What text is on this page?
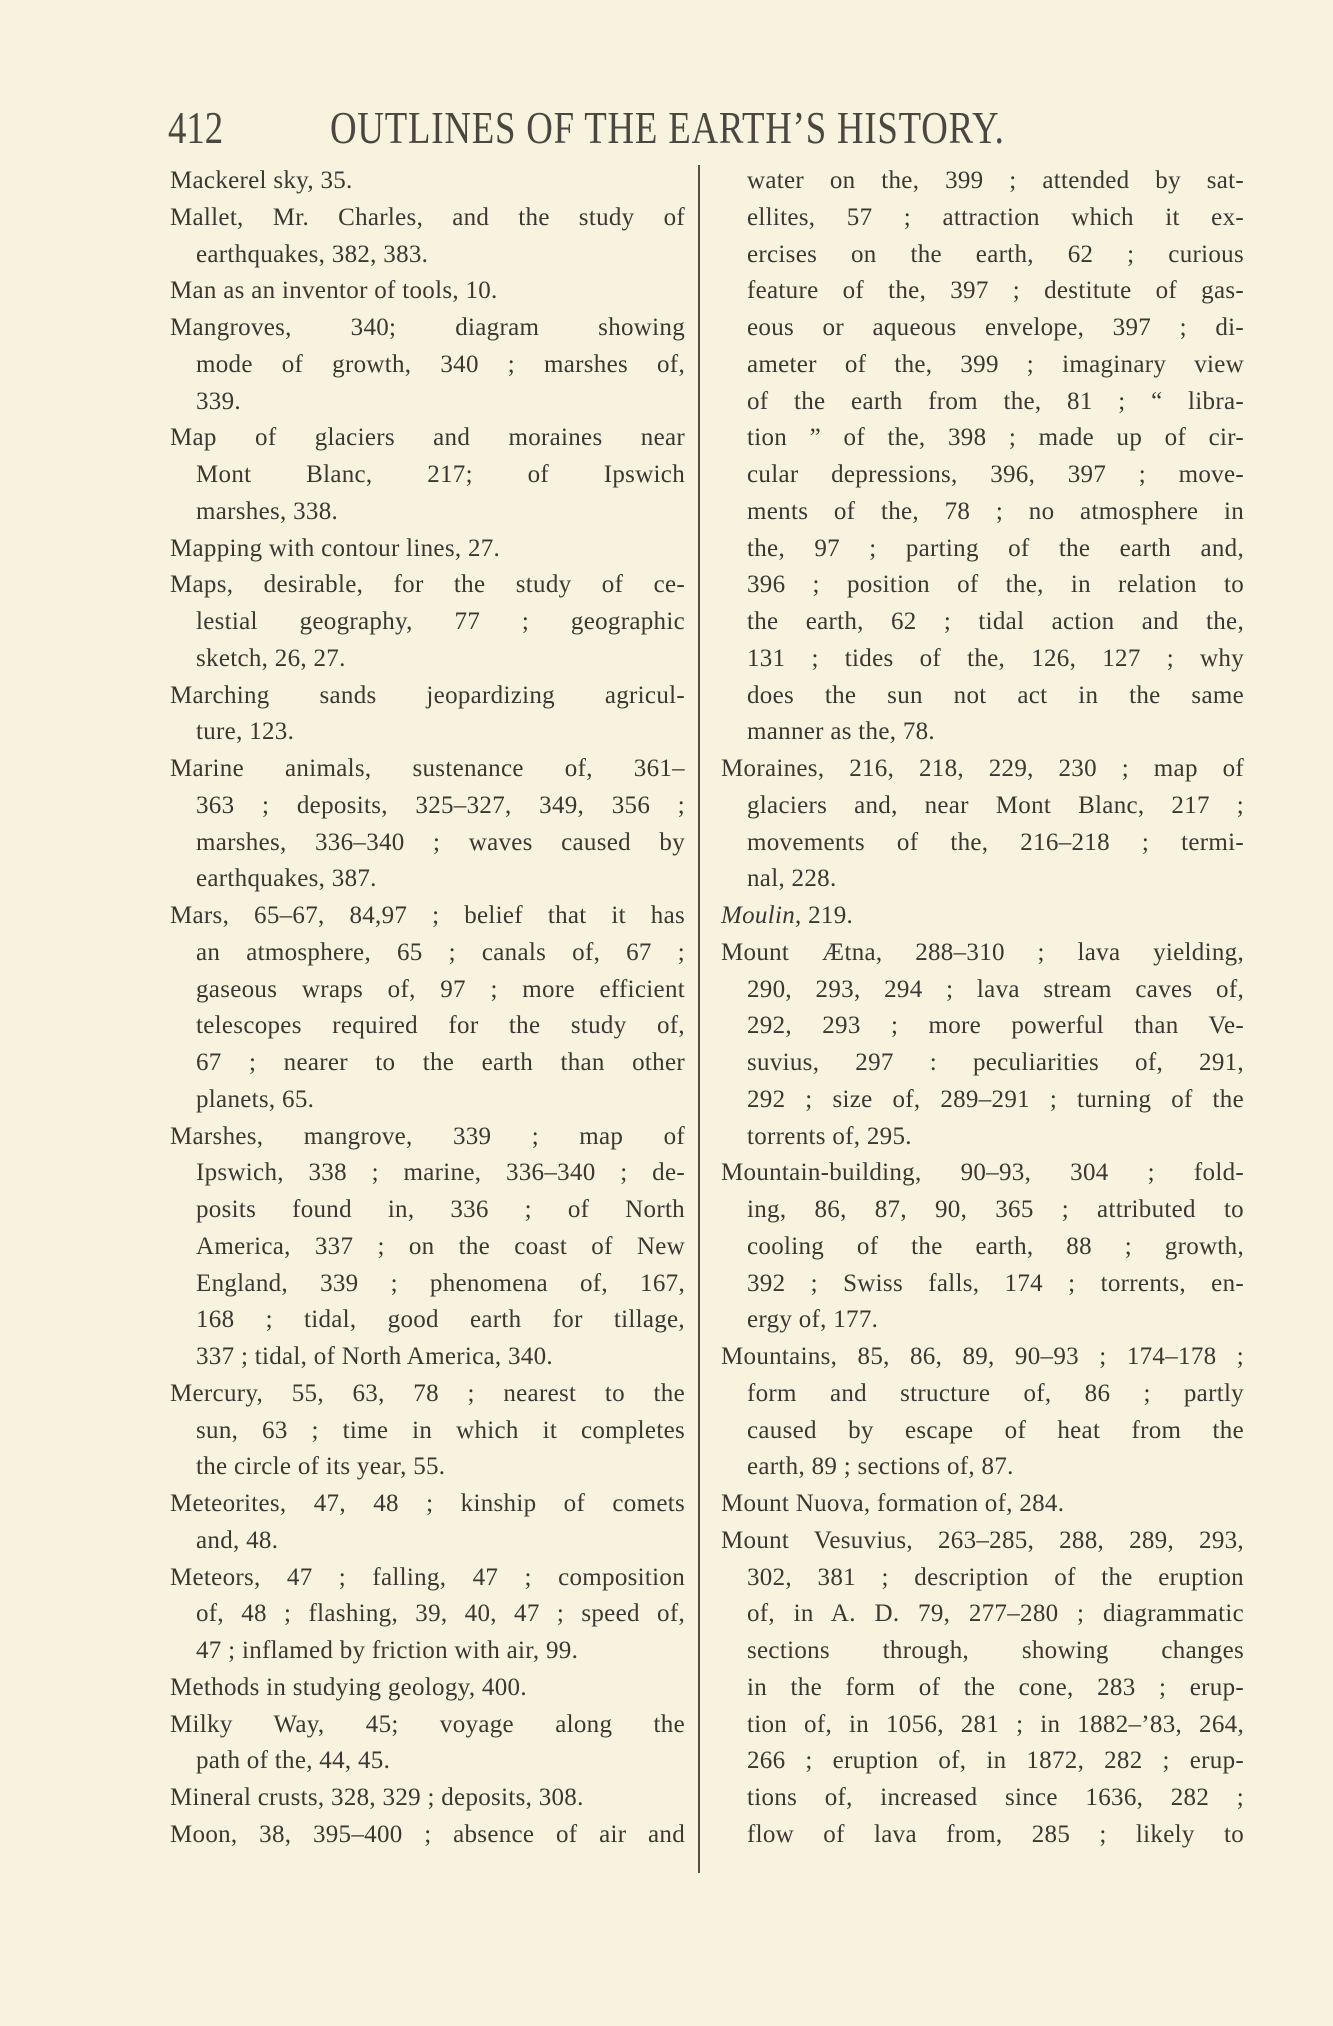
412 OUTLINES OF THE EARTH’S HISTORY.
Mackerel sky, 35.
Mallet, Mr. Charles, and the study of
earthquakes, 382, 383.
Man as an inventor of tools, 10.
Mangroves, 340; diagram showing
mode of growth, 340 ; marshes of,
339.
Map of glaciers and moraines near
Mont Blanc, 217; of Ipswich
marshes, 338.
Mapping with contour lines, 27.
Maps, desirable, for the study of ce-
lestial geography, 77 ; geographic
sketch, 26, 27.
Marching sands jeopardizing agricul-
ture, 123.
Marine animals, sustenance of, 361–
363 ; deposits, 325–327, 349, 356 ;
marshes, 336–340 ; waves caused by
earthquakes, 387.
Mars, 65–67, 84,97 ; belief that it has
an atmosphere, 65 ; canals of, 67 ;
gaseous wraps of, 97 ; more efficient
telescopes required for the study of,
67 ; nearer to the earth than other
planets, 65.
Marshes, mangrove, 339 ; map of
Ipswich, 338 ; marine, 336–340 ; de-
posits found in, 336 ; of North
America, 337 ; on the coast of New
England, 339 ; phenomena of, 167,
168 ; tidal, good earth for tillage,
337 ; tidal, of North America, 340.
Mercury, 55, 63, 78 ; nearest to the
sun, 63 ; time in which it completes
the circle of its year, 55.
Meteorites, 47, 48 ; kinship of comets
and, 48.
Meteors, 47 ; falling, 47 ; composition
of, 48 ; flashing, 39, 40, 47 ; speed of,
47 ; inflamed by friction with air, 99.
Methods in studying geology, 400.
Milky Way, 45; voyage along the
path of the, 44, 45.
Mineral crusts, 328, 329 ; deposits, 308.
Moon, 38, 395–400 ; absence of air and
water on the, 399 ; attended by sat-
ellites, 57 ; attraction which it ex-
ercises on the earth, 62 ; curious
feature of the, 397 ; destitute of gas-
eous or aqueous envelope, 397 ; di-
ameter of the, 399 ; imaginary view
of the earth from the, 81 ; “ libra-
tion ” of the, 398 ; made up of cir-
cular depressions, 396, 397 ; move-
ments of the, 78 ; no atmosphere in
the, 97 ; parting of the earth and,
396 ; position of the, in relation to
the earth, 62 ; tidal action and the,
131 ; tides of the, 126, 127 ; why
does the sun not act in the same
manner as the, 78.
Moraines, 216, 218, 229, 230 ; map of
glaciers and, near Mont Blanc, 217 ;
movements of the, 216–218 ; termi-
nal, 228.
Moulin, 219.
Mount Ætna, 288–310 ; lava yielding,
290, 293, 294 ; lava stream caves of,
292, 293 ; more powerful than Ve-
suvius, 297 : peculiarities of, 291,
292 ; size of, 289–291 ; turning of the
torrents of, 295.
Mountain-building, 90–93, 304 ; fold-
ing, 86, 87, 90, 365 ; attributed to
cooling of the earth, 88 ; growth,
392 ; Swiss falls, 174 ; torrents, en-
ergy of, 177.
Mountains, 85, 86, 89, 90–93 ; 174–178 ;
form and structure of, 86 ; partly
caused by escape of heat from the
earth, 89 ; sections of, 87.
Mount Nuova, formation of, 284.
Mount Vesuvius, 263–285, 288, 289, 293,
302, 381 ; description of the eruption
of, in A. D. 79, 277–280 ; diagrammatic
sections through, showing changes
in the form of the cone, 283 ; erup-
tion of, in 1056, 281 ; in 1882–’83, 264,
266 ; eruption of, in 1872, 282 ; erup-
tions of, increased since 1636, 282 ;
flow of lava from, 285 ; likely to
